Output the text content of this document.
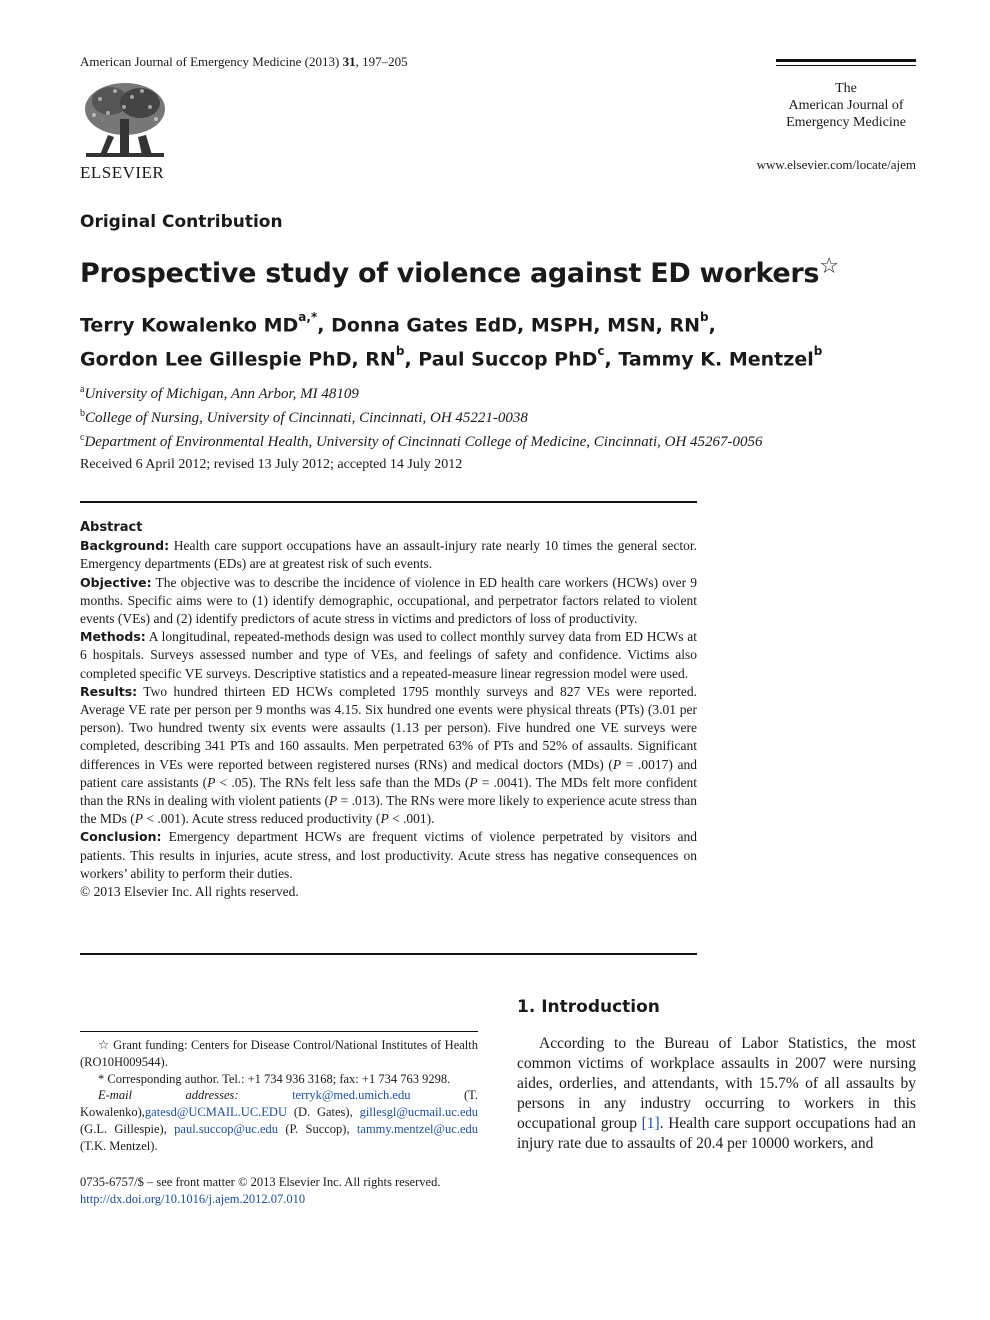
American Journal of Emergency Medicine (2013) 31, 197–205
ELSEVIER
The
American Journal of
Emergency Medicine
www.elsevier.com/locate/ajem
Original Contribution
Prospective study of violence against ED workers☆
Terry Kowalenko $MD^{a,*}$, Donna Gates EdD, MSPH, MSN, $RN^b$,
Gordon Lee Gillespie PhD, $RN^b$, Paul Succop PhD$^c$, Tammy K. Mentzel$^b$
$^a$University of Michigan, Ann Arbor, MI 48109
$^b$College of Nursing, University of Cincinnati, Cincinnati, OH 45221-0038
$^c$Department of Environmental Health, University of Cincinnati College of Medicine, Cincinnati, OH 45267-0056
Received 6 April 2012; revised 13 July 2012; accepted 14 July 2012
Abstract

Background: Health care support occupations have an assault-injury rate nearly 10 times the general sector. Emergency departments (EDs) are at greatest risk of such events.

Objective: The objective was to describe the incidence of violence in ED health care workers (HCWs) over 9 months. Specific aims were to (1) identify demographic, occupational, and perpetrator factors related to violent events (VEs) and (2) identify predictors of acute stress in victims and predictors of loss of productivity.

Methods: A longitudinal, repeated-methods design was used to collect monthly survey data from ED HCWs at 6 hospitals. Surveys assessed number and type of VEs, and feelings of safety and confidence. Victims also completed specific VE surveys. Descriptive statistics and a repeated-measure linear regression model were used.

Results: Two hundred thirteen ED HCWs completed 1795 monthly surveys and 827 VEs were reported. Average VE rate per person per 9 months was 4.15. Six hundred one events were physical threats (PTs) (3.01 per person). Two hundred twenty six events were assaults (1.13 per person). Five hundred one VE surveys were completed, describing 341 PTs and 160 assaults. Men perpetrated 63% of PTs and 52% of assaults. Significant differences in VEs were reported between registered nurses (RNs) and medical doctors (MDs) (P = .0017) and patient care assistants (P < .05). The RNs felt less safe than the MDs (P = .0041). The MDs felt more confident than the RNs in dealing with violent patients (P = .013). The RNs were more likely to experience acute stress than the MDs (P < .001). Acute stress reduced productivity (P < .001).

Conclusion: Emergency department HCWs are frequent victims of violence perpetrated by visitors and patients. This results in injuries, acute stress, and lost productivity. Acute stress has negative consequences on workers’ ability to perform their duties.

© 2013 Elsevier Inc. All rights reserved.

☆ Grant funding: Centers for Disease Control/National Institutes of Health (RO10H009544).

* Corresponding author. Tel.: +1 734 936 3168; fax: +1 734 763 9298.

E-mail addresses:	terryk@med.umich.edu (T. Kowalenko),gatesd@UCMAIL.UC.EDU (D. Gates), gillesgl@ucmail.uc.edu (G.L. Gillespie), paul.succop@uc.edu (P. Succop), tammy.mentzel@uc.edu (T.K. Mentzel).

0735-6757/$ – see front matter © 2013 Elsevier Inc. All rights reserved.
http://dx.doi.org/10.1016/j.ajem.2012.07.010
1. Introduction

According to the Bureau of Labor Statistics, the most common victims of workplace assaults in 2007 were nursing aides, orderlies, and attendants, with 15.7% of all assaults by persons in any industry occurring to workers in this occupational group [1]. Health care support occupations had an injury rate due to assaults of 20.4 per 10000 workers, and
